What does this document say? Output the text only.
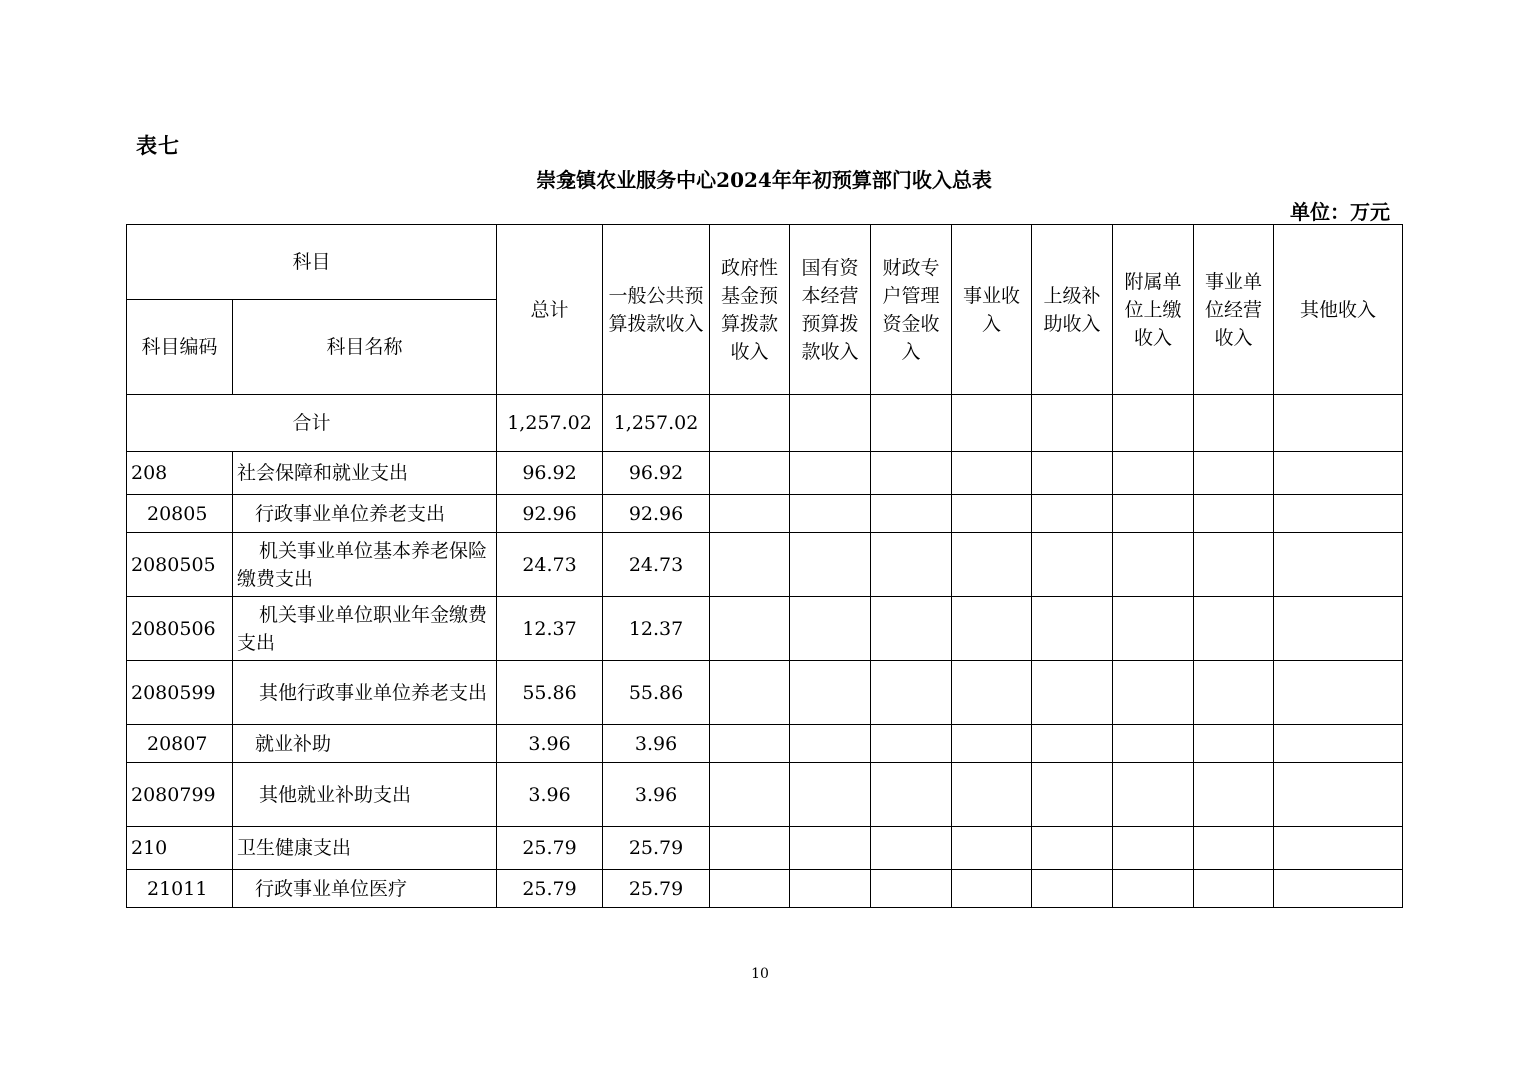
表七
崇龛镇农业服务中心2024年年初预算部门收入总表
单位：万元
科目		总计	一般公共预算拨款收入	政府性基金预算拨款收入	国有资本经营预算拨款收入	财政专户管理资金收入	事业收入	上级补助收入	附属单位上缴收入	事业单位经营收入	其他收入
科目编码	科目名称										
合计		1,257.02	1,257.02								
208	社会保障和就业支出	96.92	96.92								
20805	行政事业单位养老支出	92.96	92.96								
2080505	机关事业单位基本养老保险缴费支出	24.73	24.73								
2080506	机关事业单位职业年金缴费支出	12.37	12.37								
2080599	其他行政事业单位养老支出	55.86	55.86								
20807	就业补助	3.96	3.96								
2080799	其他就业补助支出	3.96	3.96								
210	卫生健康支出	25.79	25.79								
21011	行政事业单位医疗	25.79	25.79								
10
